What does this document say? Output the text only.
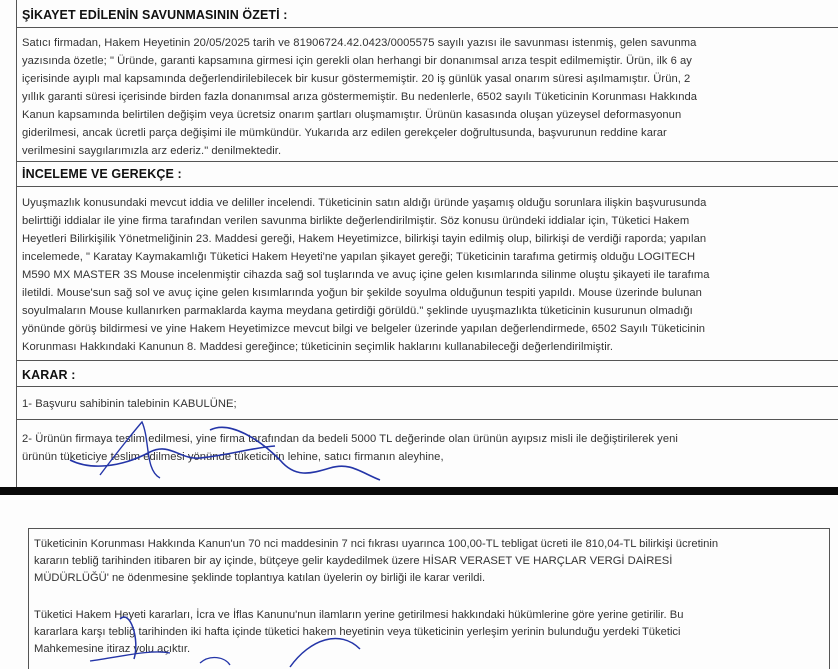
ŞİKAYET EDİLENİN SAVUNMASININ ÖZETİ :
Satıcı firmadan, Hakem Heyetinin 20/05/2025 tarih ve 81906724.42.0423/0005575 sayılı yazısı ile savunması istenmiş, gelen savunma
yazısında özetle; " Üründe, garanti kapsamına girmesi için gerekli olan herhangi bir donanımsal arıza tespit edilmemiştir. Ürün, ilk 6 ay
içerisinde ayıplı mal kapsamında değerlendirilebilecek bir kusur göstermemiştir. 20 iş günlük yasal onarım süresi aşılmamıştır. Ürün, 2
yıllık garanti süresi içerisinde birden fazla donanımsal arıza göstermemiştir. Bu nedenlerle, 6502 sayılı Tüketicinin Korunması Hakkında
Kanun kapsamında belirtilen değişim veya ücretsiz onarım şartları oluşmamıştır. Ürünün kasasında oluşan yüzeysel deformasyonun
giderilmesi, ancak ücretli parça değişimi ile mümkündür. Yukarıda arz edilen gerekçeler doğrultusunda, başvurunun reddine karar
verilmesini saygılarımızla arz ederiz." denilmektedir.
İNCELEME VE GEREKÇE :
Uyuşmazlık konusundaki mevcut iddia ve deliller incelendi. Tüketicinin satın aldığı üründe yaşamış olduğu sorunlara ilişkin başvurusunda
belirttiği iddialar ile yine firma tarafından verilen savunma birlikte değerlendirilmiştir. Söz konusu üründeki iddialar için, Tüketici Hakem
Heyetleri Bilirkişilik Yönetmeliğinin 23. Maddesi gereği, Hakem Heyetimizce, bilirkişi tayin edilmiş olup, bilirkişi de verdiği raporda; yapılan
incelemede, " Karatay Kaymakamlığı Tüketici Hakem Heyeti'ne yapılan şikayet gereği; Tüketicinin tarafıma getirmiş olduğu LOGITECH
M590 MX MASTER 3S Mouse incelenmiştir cihazda sağ sol tuşlarında ve avuç içine gelen kısımlarında silinme oluştu şikayeti ile tarafıma
iletildi. Mouse'sun sağ sol ve avuç içine gelen kısımlarında yoğun bir şekilde soyulma olduğunun tespiti yapıldı. Mouse üzerinde bulunan
soyulmaların Mouse kullanırken parmaklarda kayma meydana getirdiği görüldü." şeklinde uyuşmazlıkta tüketicinin kusurunun olmadığı
yönünde görüş bildirmesi ve yine Hakem Heyetimizce mevcut bilgi ve belgeler üzerinde yapılan değerlendirmede, 6502 Sayılı Tüketicinin
Korunması Hakkındaki Kanunun 8. Maddesi gereğince; tüketicinin seçimlik haklarını kullanabileceği değerlendirilmiştir.
KARAR :
1- Başvuru sahibinin talebinin KABULÜNE;
2- Ürünün firmaya teslim edilmesi, yine firma tarafından da bedeli 5000 TL değerinde olan ürünün ayıpsız misli ile değiştirilerek yeni
ürünün tüketiciye teslim edilmesi yönünde tüketicinin lehine, satıcı firmanın aleyhine,
Tüketicinin Korunması Hakkında Kanun'un 70 nci maddesinin 7 nci fıkrası uyarınca 100,00-TL tebligat ücreti ile 810,04-TL bilirkişi ücretinin
kararın tebliğ tarihinden itibaren bir ay içinde, bütçeye gelir kaydedilmek üzere HİSAR VERASET VE HARÇLAR VERGİ DAİRESİ
MÜDÜRLÜĞÜ' ne ödenmesine şeklinde toplantıya katılan üyelerin oy birliği ile karar verildi.
Tüketici Hakem Heyeti kararları, İcra ve İflas Kanunu'nun ilamların yerine getirilmesi hakkındaki hükümlerine göre yerine getirilir. Bu
kararlara karşı tebliğ tarihinden iki hafta içinde tüketici hakem heyetinin veya tüketicinin yerleşim yerinin bulunduğu yerdeki Tüketici
Mahkemesine itiraz yolu açıktır.
